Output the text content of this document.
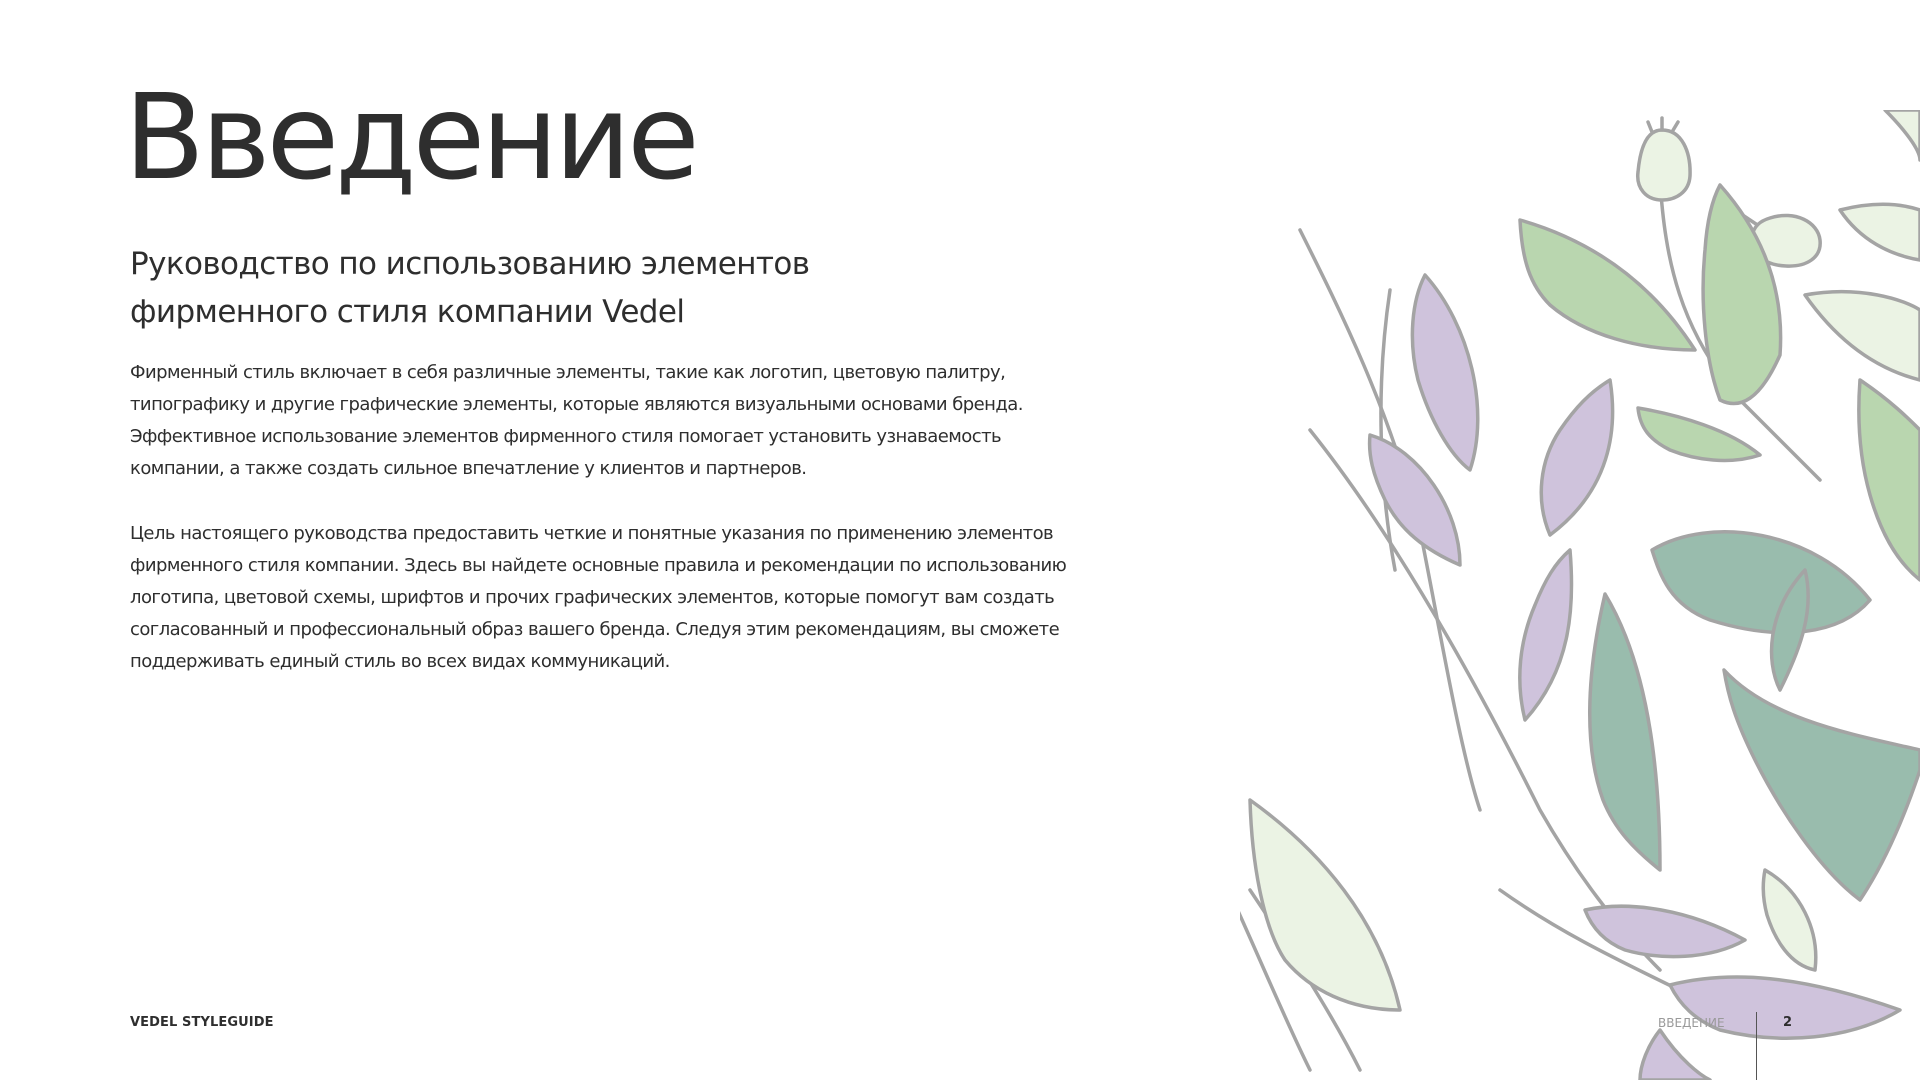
Введение
Руководство по использованию элементов
фирменного стиля компании Vedel
Фирменный стиль включает в себя различные элементы, такие как логотип, цветовую палитру,
типографику и другие графические элементы, которые являются визуальными основами бренда.
Эффективное использование элементов фирменного стиля помогает установить узнаваемость
компании, а также создать сильное впечатление у клиентов и партнеров.
Цель настоящего руководства предоставить четкие и понятные указания по применению элементов
фирменного стиля компании. Здесь вы найдете основные правила и рекомендации по использованию
логотипа, цветовой схемы, шрифтов и прочих графических элементов, которые помогут вам создать
согласованный и профессиональный образ вашего бренда. Следуя этим рекомендациям, вы сможете
поддерживать единый стиль во всех видах коммуникаций.
VEDEL STYLEGUIDE	ВВЕДЕНИЕ	2
